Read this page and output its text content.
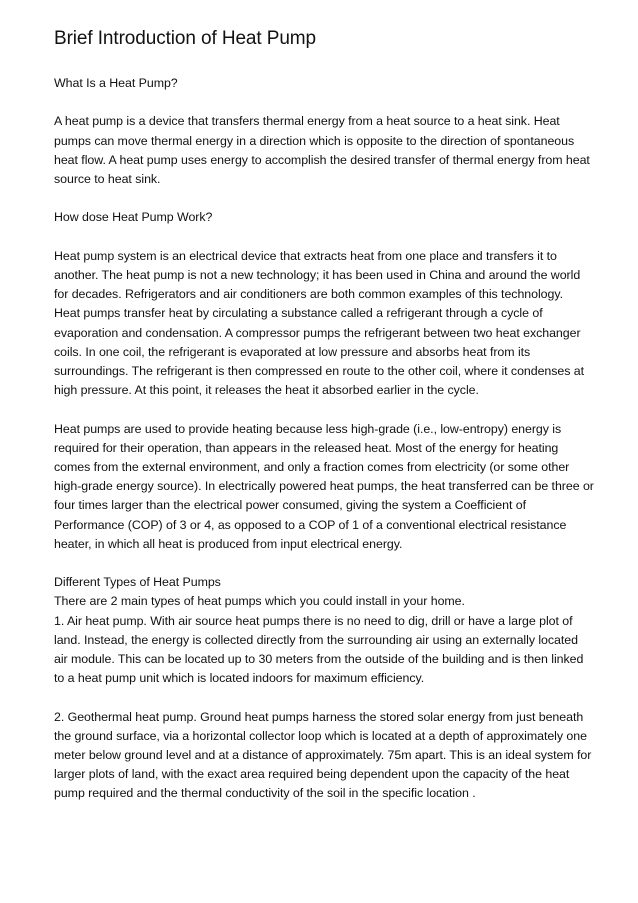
Brief Introduction of Heat Pump

What Is a Heat Pump?

A heat pump is a device that transfers thermal energy from a heat source to a heat sink. Heat pumps can move thermal energy in a direction which is opposite to the direction of spontaneous heat flow. A heat pump uses energy to accomplish the desired transfer of thermal energy from heat source to heat sink.

How dose Heat Pump Work?

Heat pump system is an electrical device that extracts heat from one place and transfers it to another. The heat pump is not a new technology; it has been used in China and around the world for decades. Refrigerators and air conditioners are both common examples of this technology.

Heat pumps transfer heat by circulating a substance called a refrigerant through a cycle of evaporation and condensation. A compressor pumps the refrigerant between two heat exchanger coils. In one coil, the refrigerant is evaporated at low pressure and absorbs heat from its surroundings. The refrigerant is then compressed en route to the other coil, where it condenses at high pressure. At this point, it releases the heat it absorbed earlier in the cycle.

Heat pumps are used to provide heating because less high-grade (i.e., low-entropy) energy is required for their operation, than appears in the released heat. Most of the energy for heating comes from the external environment, and only a fraction comes from electricity (or some other high-grade energy source). In electrically powered heat pumps, the heat transferred can be three or four times larger than the electrical power consumed, giving the system a Coefficient of Performance (COP) of 3 or 4, as opposed to a COP of 1 of a conventional electrical resistance heater, in which all heat is produced from input electrical energy.

Different Types of Heat Pumps

There are 2 main types of heat pumps which you could install in your home.

1. Air heat pump. With air source heat pumps there is no need to dig, drill or have a large plot of land. Instead, the energy is collected directly from the surrounding air using an externally located air module. This can be located up to 30 meters from the outside of the building and is then linked to a heat pump unit which is located indoors for maximum efficiency.

2. Geothermal heat pump. Ground heat pumps harness the stored solar energy from just beneath the ground surface, via a horizontal collector loop which is located at a depth of approximately one meter below ground level and at a distance of approximately. 75m apart. This is an ideal system for larger plots of land, with the exact area required being dependent upon the capacity of the heat pump required and the thermal conductivity of the soil in the specific location .
